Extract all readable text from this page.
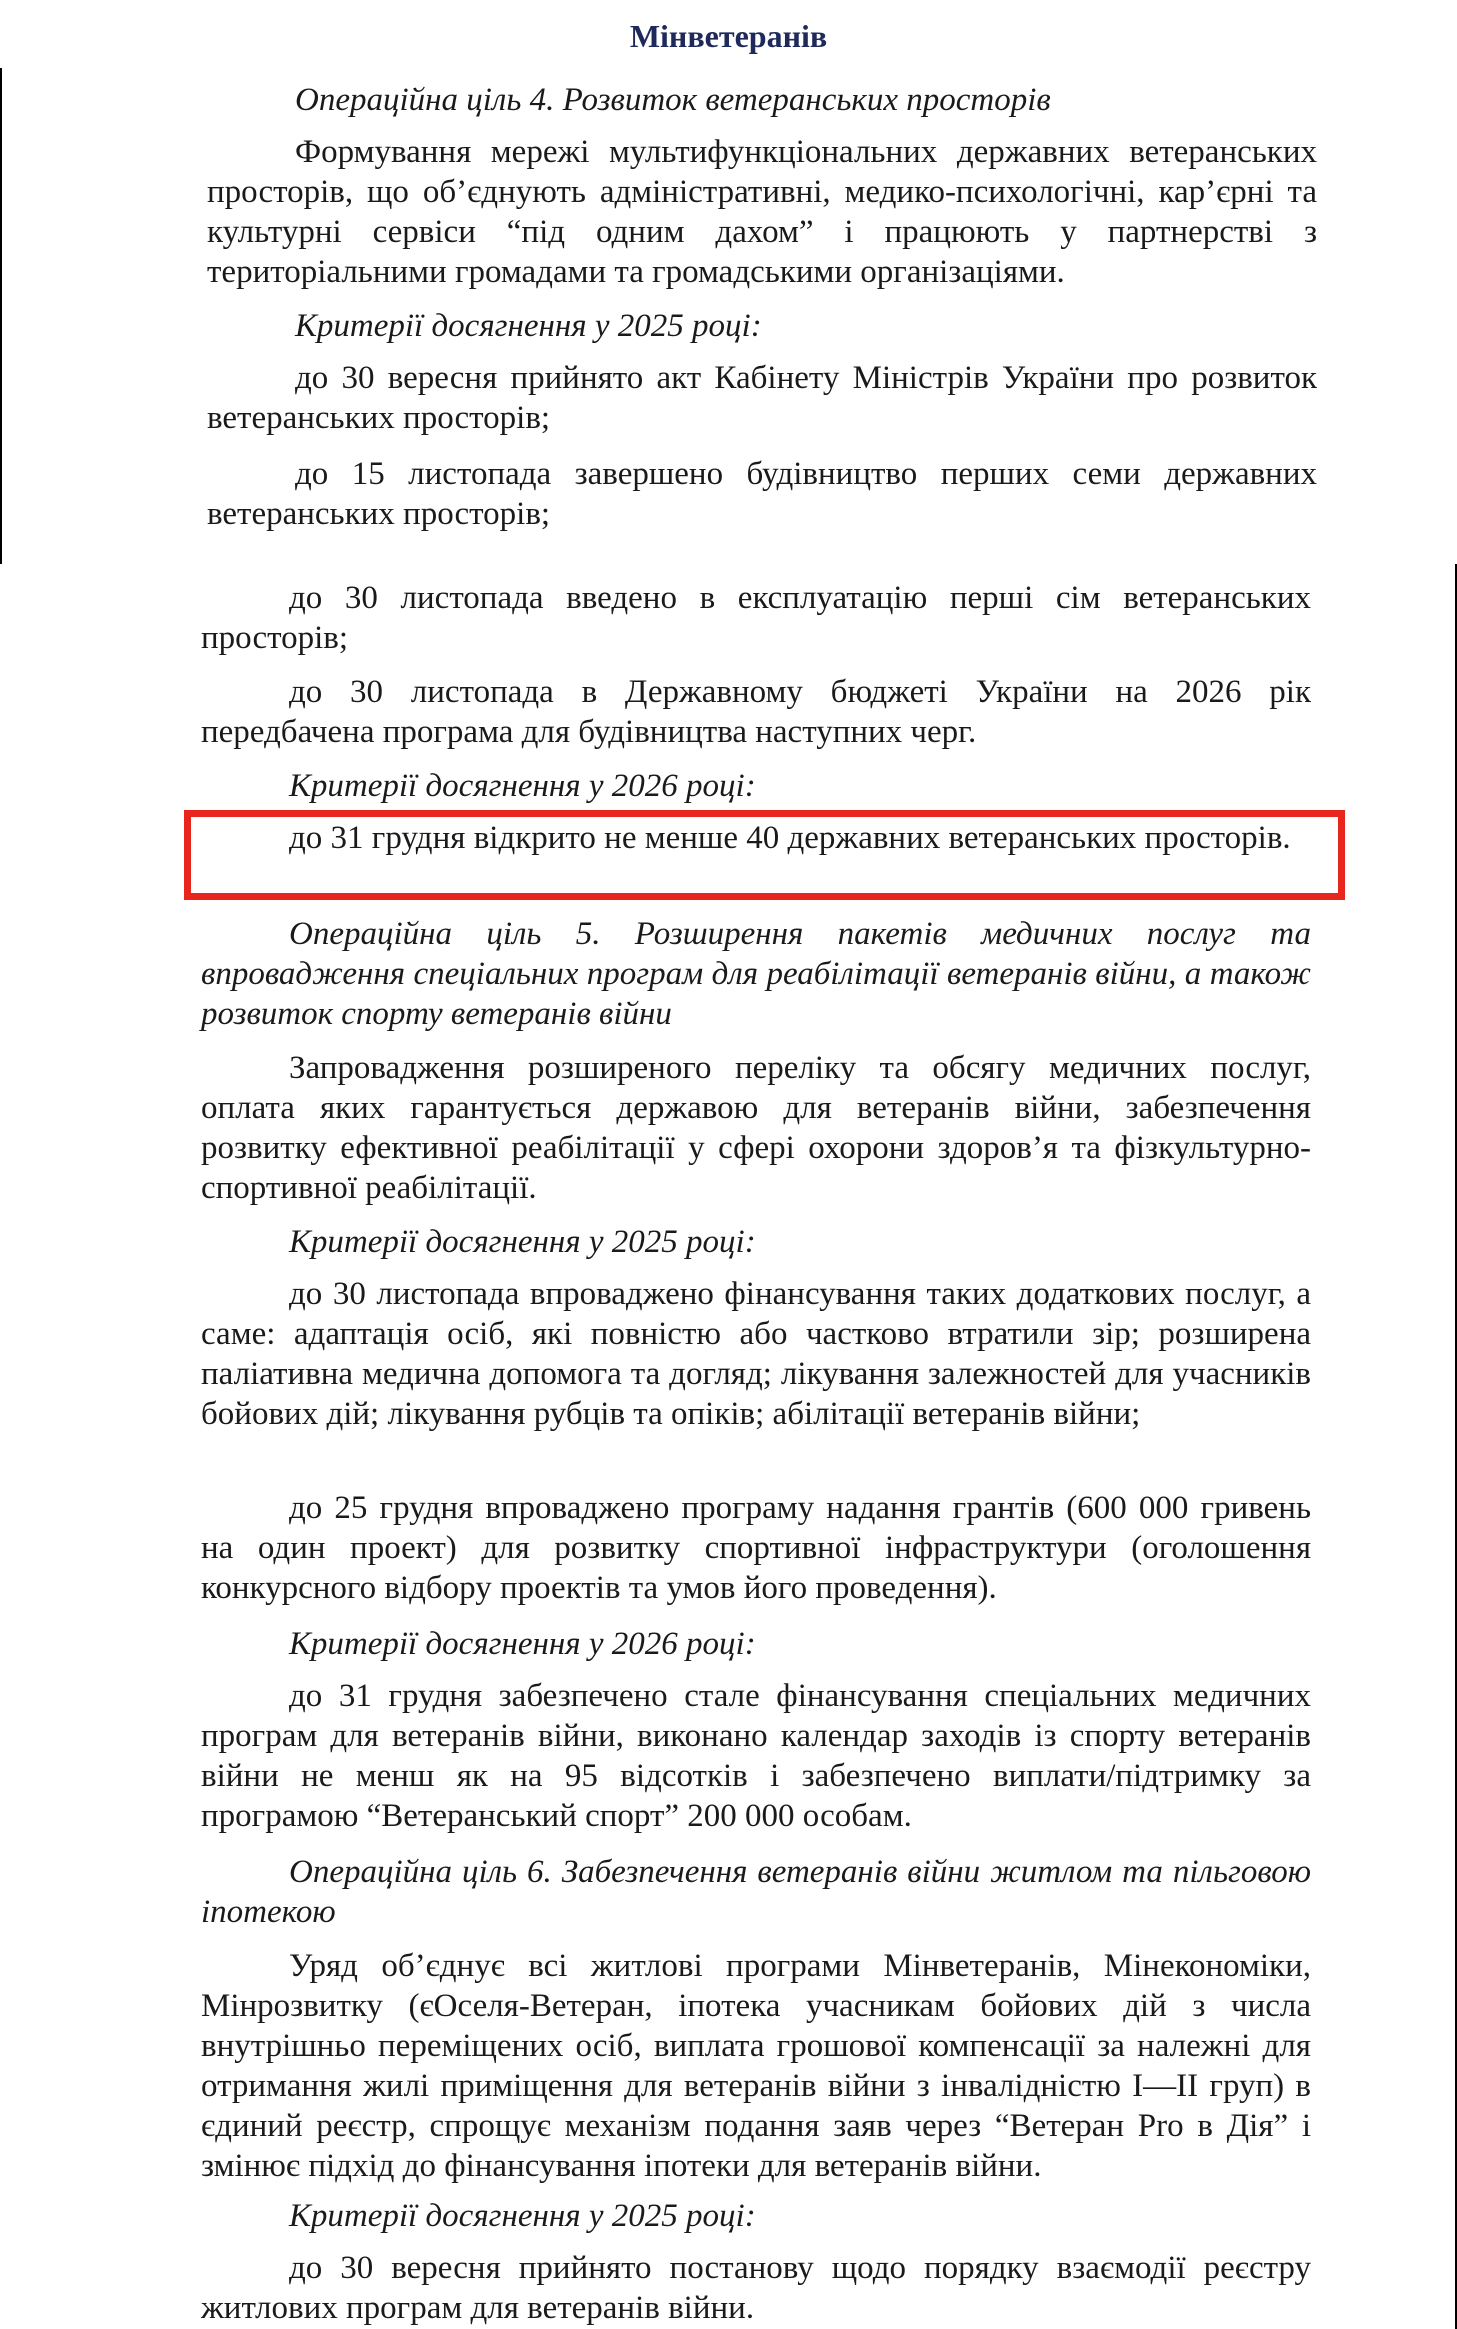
Мінветеранів

Операційна ціль 4. Розвиток ветеранських просторів

Формування мережі мультифункціональних державних ветеранських просторів, що об’єднують адміністративні, медико-психологічні, кар’єрні та культурні сервіси “під одним дахом” і працюють у партнерстві з територіальними громадами та громадськими організаціями.

Критерії досягнення у 2025 році:

до 30 вересня прийнято акт Кабінету Міністрів України про розвиток ветеранських просторів;

до 15 листопада завершено будівництво перших семи державних ветеранських просторів;

до 30 листопада введено в експлуатацію перші сім ветеранських просторів;

до 30 листопада в Державному бюджеті України на 2026 рік передбачена програма для будівництва наступних черг.

Критерії досягнення у 2026 році:

до 31 грудня відкрито не менше 40 державних ветеранських просторів.

Операційна ціль 5. Розширення пакетів медичних послуг та впровадження спеціальних програм для реабілітації ветеранів війни, а також розвиток спорту ветеранів війни

Запровадження розширеного переліку та обсягу медичних послуг, оплата яких гарантується державою для ветеранів війни, забезпечення розвитку ефективної реабілітації у сфері охорони здоров’я та фізкультурно-спортивної реабілітації.

Критерії досягнення у 2025 році:

до 30 листопада впроваджено фінансування таких додаткових послуг, а саме: адаптація осіб, які повністю або частково втратили зір; розширена паліативна медична допомога та догляд; лікування залежностей для учасників бойових дій; лікування рубців та опіків; абілітації ветеранів війни;

до 25 грудня впроваджено програму надання грантів (600 000 гривень на один проект) для розвитку спортивної інфраструктури (оголошення конкурсного відбору проектів та умов його проведення).

Критерії досягнення у 2026 році:

до 31 грудня забезпечено стале фінансування спеціальних медичних програм для ветеранів війни, виконано календар заходів із спорту ветеранів війни не менш як на 95 відсотків і забезпечено виплати/підтримку за програмою “Ветеранський спорт” 200 000 особам.

Операційна ціль 6. Забезпечення ветеранів війни житлом та пільговою іпотекою

Уряд об’єднує всі житлові програми Мінветеранів, Мінекономіки, Мінрозвитку (єОселя-Ветеран, іпотека учасникам бойових дій з числа внутрішньо переміщених осіб, виплата грошової компенсації за належні для отримання жилі приміщення для ветеранів війни з інвалідністю I—II груп) в єдиний реєстр, спрощує механізм подання заяв через “Ветеран Pro в Дія” і змінює підхід до фінансування іпотеки для ветеранів війни.

Критерії досягнення у 2025 році:

до 30 вересня прийнято постанову щодо порядку взаємодії реєстру житлових програм для ветеранів війни.
